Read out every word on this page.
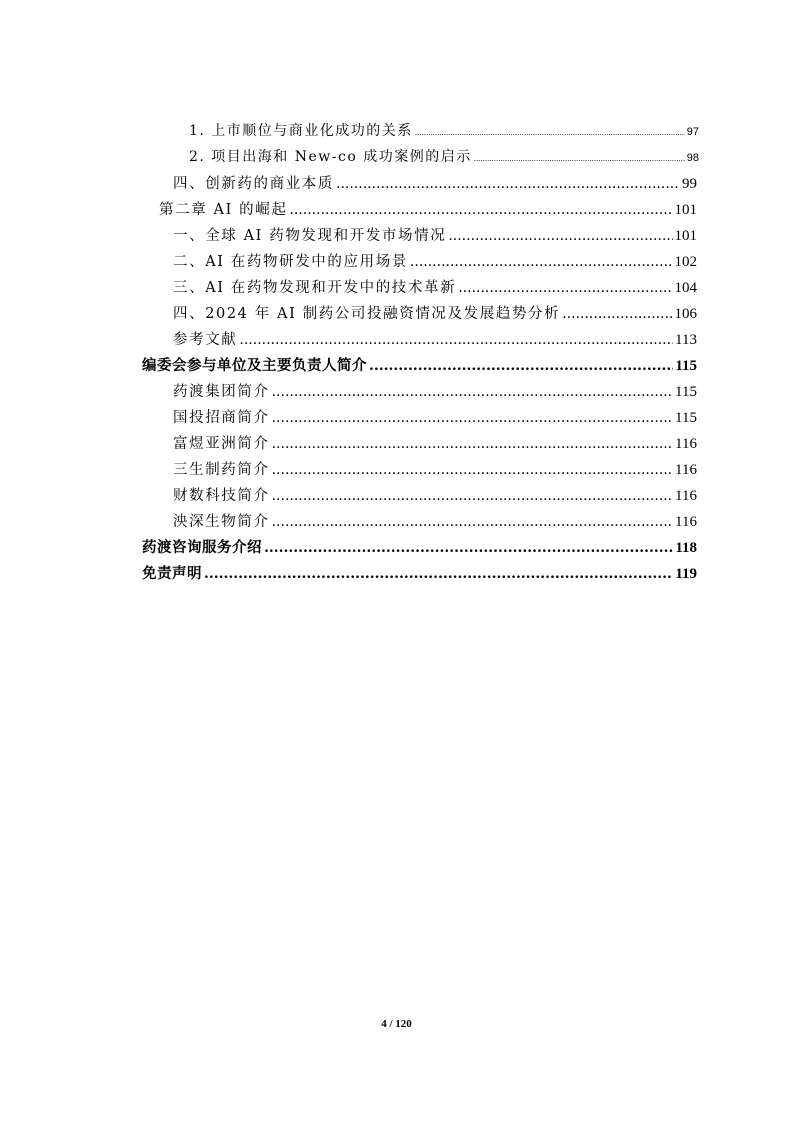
1. 上市顺位与商业化成功的关系 .....	97
2. 项目出海和 New-co 成功案例的启示 .....	98
四、创新药的商业本质 .....	99
第二章 AI 的崛起 .....	101
一、全球 AI 药物发现和开发市场情况 .....	101
二、AI 在药物研发中的应用场景 .....	102
三、AI 在药物发现和开发中的技术革新 .....	104
四、2024 年 AI 制药公司投融资情况及发展趋势分析 .....	106
参考文献 .....	113
编委会参与单位及主要负责人简介 .....	115
药渡集团简介 .....	115
国投招商简介 .....	115
富煜亚洲简介 .....	116
三生制药简介 .....	116
财数科技简介 .....	116
泱深生物简介 .....	116
药渡咨询服务介绍 .....	118
免责声明 .....	119
4 / 120
